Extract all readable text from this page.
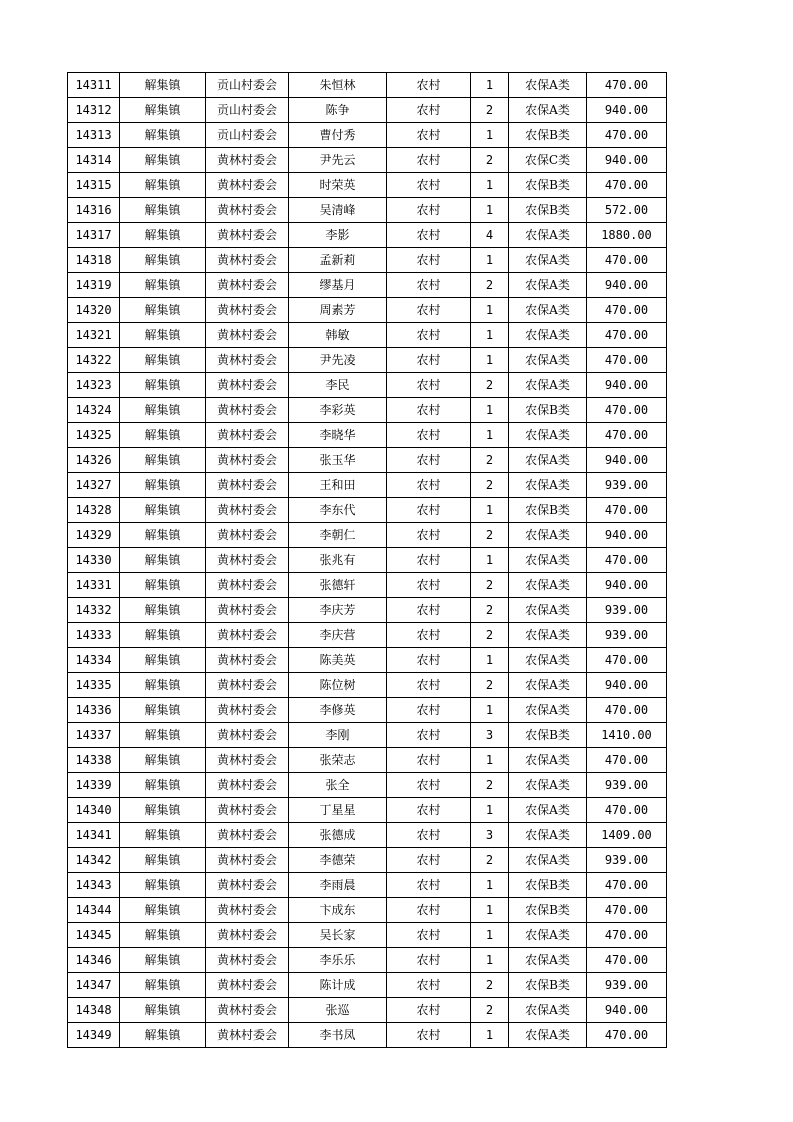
14311	解集镇	贡山村委会	朱恒林	农村	1	农保A类	470.00
14312	解集镇	贡山村委会	陈争	农村	2	农保A类	940.00
14313	解集镇	贡山村委会	曹付秀	农村	1	农保B类	470.00
14314	解集镇	黄林村委会	尹先云	农村	2	农保C类	940.00
14315	解集镇	黄林村委会	时荣英	农村	1	农保B类	470.00
14316	解集镇	黄林村委会	吴清峰	农村	1	农保B类	572.00
14317	解集镇	黄林村委会	李影	农村	4	农保A类	1880.00
14318	解集镇	黄林村委会	孟新莉	农村	1	农保A类	470.00
14319	解集镇	黄林村委会	缪基月	农村	2	农保A类	940.00
14320	解集镇	黄林村委会	周素芳	农村	1	农保A类	470.00
14321	解集镇	黄林村委会	韩敏	农村	1	农保A类	470.00
14322	解集镇	黄林村委会	尹先凌	农村	1	农保A类	470.00
14323	解集镇	黄林村委会	李民	农村	2	农保A类	940.00
14324	解集镇	黄林村委会	李彩英	农村	1	农保B类	470.00
14325	解集镇	黄林村委会	李晓华	农村	1	农保A类	470.00
14326	解集镇	黄林村委会	张玉华	农村	2	农保A类	940.00
14327	解集镇	黄林村委会	王和田	农村	2	农保A类	939.00
14328	解集镇	黄林村委会	李东代	农村	1	农保B类	470.00
14329	解集镇	黄林村委会	李朝仁	农村	2	农保A类	940.00
14330	解集镇	黄林村委会	张兆有	农村	1	农保A类	470.00
14331	解集镇	黄林村委会	张德轩	农村	2	农保A类	940.00
14332	解集镇	黄林村委会	李庆芳	农村	2	农保A类	939.00
14333	解集镇	黄林村委会	李庆营	农村	2	农保A类	939.00
14334	解集镇	黄林村委会	陈美英	农村	1	农保A类	470.00
14335	解集镇	黄林村委会	陈位树	农村	2	农保A类	940.00
14336	解集镇	黄林村委会	李修英	农村	1	农保A类	470.00
14337	解集镇	黄林村委会	李刚	农村	3	农保B类	1410.00
14338	解集镇	黄林村委会	张荣志	农村	1	农保A类	470.00
14339	解集镇	黄林村委会	张全	农村	2	农保A类	939.00
14340	解集镇	黄林村委会	丁星星	农村	1	农保A类	470.00
14341	解集镇	黄林村委会	张德成	农村	3	农保A类	1409.00
14342	解集镇	黄林村委会	李德荣	农村	2	农保A类	939.00
14343	解集镇	黄林村委会	李雨晨	农村	1	农保B类	470.00
14344	解集镇	黄林村委会	卞成东	农村	1	农保B类	470.00
14345	解集镇	黄林村委会	吴长家	农村	1	农保A类	470.00
14346	解集镇	黄林村委会	李乐乐	农村	1	农保A类	470.00
14347	解集镇	黄林村委会	陈计成	农村	2	农保B类	939.00
14348	解集镇	黄林村委会	张巡	农村	2	农保A类	940.00
14349	解集镇	黄林村委会	李书凤	农村	1	农保A类	470.00
